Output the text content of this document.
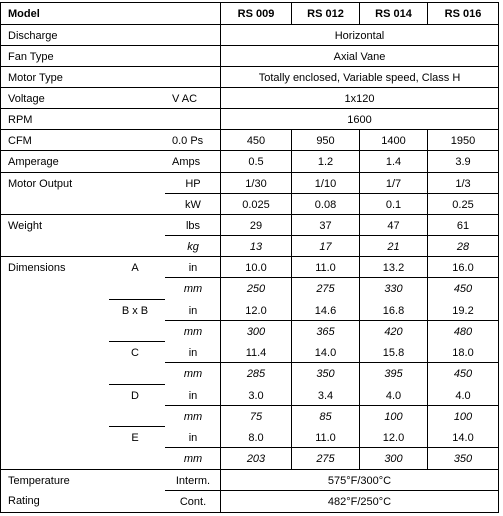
Model	RS 009	RS 012	RS 014	RS 016
Discharge	Horizontal
Fan Type	Axial Vane
Motor Type	Totally enclosed, Variable speed, Class H
Voltage	V AC	1x120
RPM	1600
CFM	0.0 Ps	450	950	1400	1950
Amperage	Amps	0.5	1.2	1.4	3.9
Motor Output	HP	1/30	1/10	1/7	1/3
kW	0.025	0.08	0.1	0.25
Weight	lbs	29	37	47	61
kg	13	17	21	28
Dimensions	A	in	10.0	11.0	13.2	16.0
mm	250	275	330	450
B x B	in	12.0	14.6	16.8	19.2
mm	300	365	420	480
C	in	11.4	14.0	15.8	18.0
mm	285	350	395	450
D	in	3.0	3.4	4.0	4.0
mm	75	85	100	100
E	in	8.0	11.0	12.0	14.0
mm	203	275	300	350
Temperature
Rating
Interm.	575°F/300°C
Cont.	482°F/250°C
